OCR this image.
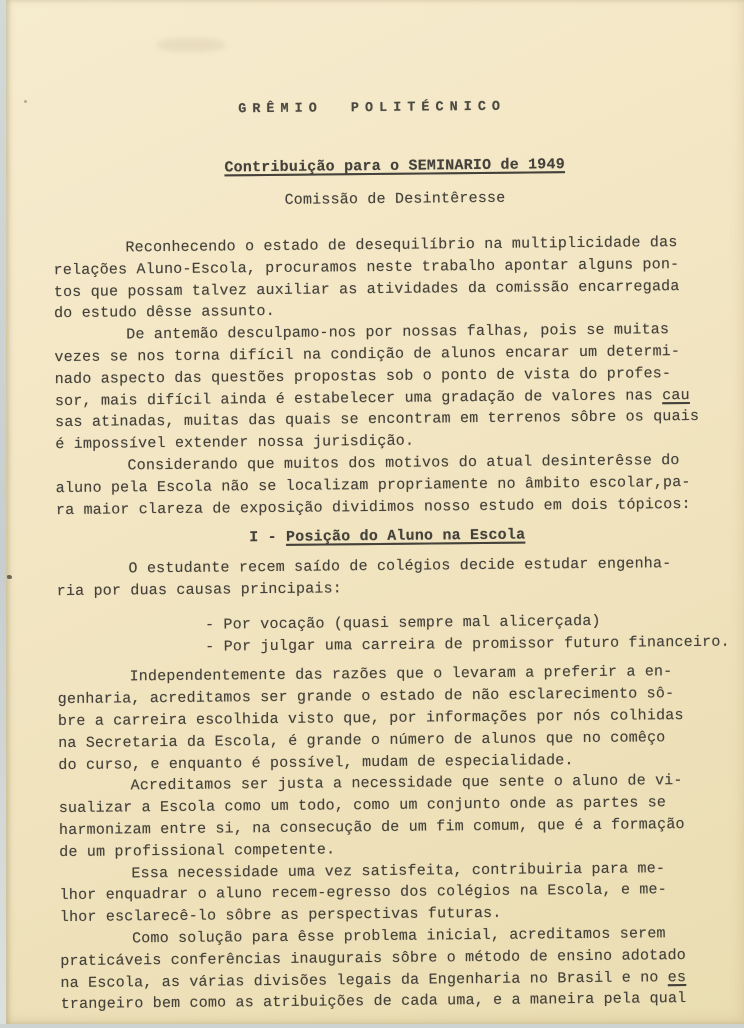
GRÊMIO POLITÉCNICO
Contribuição para o SEMINARIO de 1949
Comissão de Desintêresse
Reconhecendo o estado de desequilíbrio na multiplicidade das
relações Aluno-Escola, procuramos neste trabalho apontar alguns pon-
tos que possam talvez auxiliar as atividades da comissão encarregada
do estudo dêsse assunto.
De antemão desculpamo-nos por nossas falhas, pois se muitas
vezes se nos torna difícil na condição de alunos encarar um determi-
nado aspecto das questões propostas sob o ponto de vista do profes-
sor, mais difícil ainda é estabelecer uma gradação de valores nas cau
sas atinadas, muitas das quais se encontram em terrenos sôbre os quais
é impossível extender nossa jurisdição.
Considerando que muitos dos motivos do atual desinterêsse do
aluno pela Escola não se localizam propriamente no âmbito escolar,pa-
ra maior clareza de exposição dividimos nosso estudo em dois tópicos:
I - Posição do Aluno na Escola
O estudante recem saído de colégios decide estudar engenha-
ria por duas causas principais:
- Por vocação (quasi sempre mal alicerçada)
- Por julgar uma carreira de promissor futuro financeiro.
Independentemente das razões que o levaram a preferir a en-
genharia, acreditamos ser grande o estado de não esclarecimento sô-
bre a carreira escolhida visto que, por informações por nós colhidas
na Secretaria da Escola, é grande o número de alunos que no comêço
do curso, e enquanto é possível, mudam de especialidade.
Acreditamos ser justa a necessidade que sente o aluno de vi-
sualizar a Escola como um todo, como um conjunto onde as partes se
harmonizam entre si, na consecução de um fim comum, que é a formação
de um profissional competente.
Essa necessidade uma vez satisfeita, contribuiria para me-
lhor enquadrar o aluno recem-egresso dos colégios na Escola, e me-
lhor esclarecê-lo sôbre as perspectivas futuras.
Como solução para êsse problema inicial, acreditamos serem
praticáveis conferências inaugurais sôbre o método de ensino adotado
na Escola, as várias divisões legais da Engenharia no Brasil e no es
trangeiro bem como as atribuições de cada uma, e a maneira pela qual
